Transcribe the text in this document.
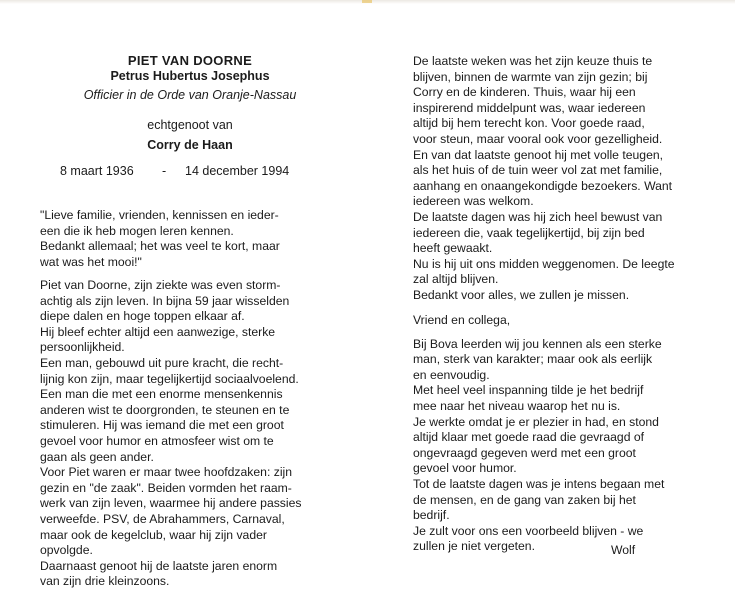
PIET VAN DOORNE
Petrus Hubertus Josephus
Officier in de Orde van Oranje-Nassau
echtgenoot van
Corry de Haan
8 maart 1936 - 14 december 1994
"Lieve familie, vrienden, kennissen en ieder-
een die ik heb mogen leren kennen.
Bedankt allemaal; het was veel te kort, maar
wat was het mooi!"
Piet van Doorne, zijn ziekte was even storm-
achtig als zijn leven. In bijna 59 jaar wisselden
diepe dalen en hoge toppen elkaar af.
Hij bleef echter altijd een aanwezige, sterke
persoonlijkheid.
Een man, gebouwd uit pure kracht, die recht-
lijnig kon zijn, maar tegelijkertijd sociaalvoelend.
Een man die met een enorme mensenkennis
anderen wist te doorgronden, te steunen en te
stimuleren. Hij was iemand die met een groot
gevoel voor humor en atmosfeer wist om te
gaan als geen ander.
Voor Piet waren er maar twee hoofdzaken: zijn
gezin en "de zaak". Beiden vormden het raam-
werk van zijn leven, waarmee hij andere passies
verweefde. PSV, de Abrahammers, Carnaval,
maar ook de kegelclub, waar hij zijn vader
opvolgde.
Daarnaast genoot hij de laatste jaren enorm
van zijn drie kleinzoons.
De laatste weken was het zijn keuze thuis te
blijven, binnen de warmte van zijn gezin; bij
Corry en de kinderen. Thuis, waar hij een
inspirerend middelpunt was, waar iedereen
altijd bij hem terecht kon. Voor goede raad,
voor steun, maar vooral ook voor gezelligheid.
En van dat laatste genoot hij met volle teugen,
als het huis of de tuin weer vol zat met familie,
aanhang en onaangekondigde bezoekers. Want
iedereen was welkom.
De laatste dagen was hij zich heel bewust van
iedereen die, vaak tegelijkertijd, bij zijn bed
heeft gewaakt.
Nu is hij uit ons midden weggenomen. De leegte
zal altijd blijven.
Bedankt voor alles, we zullen je missen.
Vriend en collega,
Bij Bova leerden wij jou kennen als een sterke
man, sterk van karakter; maar ook als eerlijk
en eenvoudig.
Met heel veel inspanning tilde je het bedrijf
mee naar het niveau waarop het nu is.
Je werkte omdat je er plezier in had, en stond
altijd klaar met goede raad die gevraagd of
ongevraagd gegeven werd met een groot
gevoel voor humor.
Tot de laatste dagen was je intens begaan met
de mensen, en de gang van zaken bij het
bedrijf.
Je zult voor ons een voorbeeld blijven - we
zullen je niet vergeten.	Wolf
